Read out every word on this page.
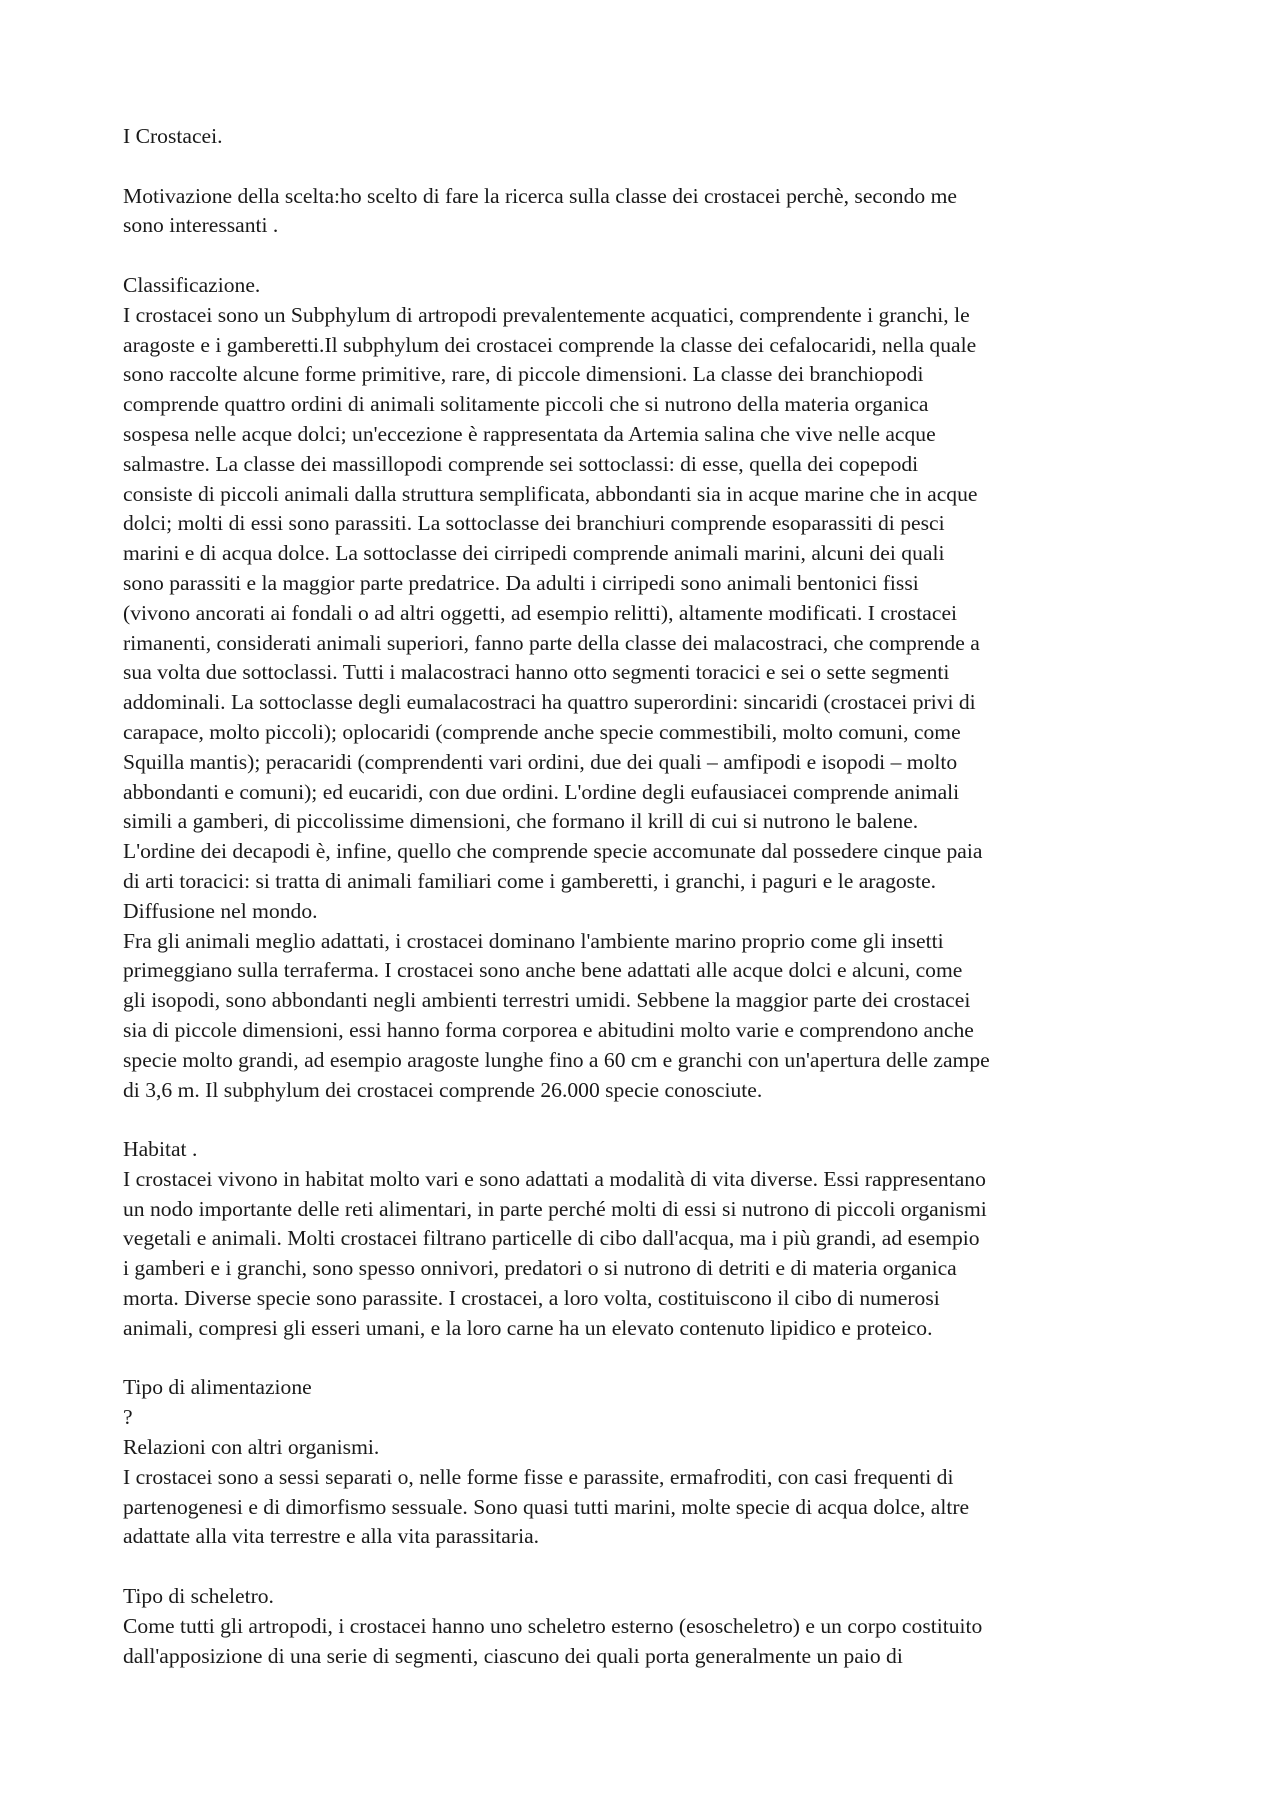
I Crostacei.
Motivazione della scelta:ho scelto di fare la ricerca sulla classe dei crostacei perchè, secondo me
sono interessanti .
Classificazione.
I crostacei sono un Subphylum di artropodi prevalentemente acquatici, comprendente i granchi, le
aragoste e i gamberetti.Il subphylum dei crostacei comprende la classe dei cefalocaridi, nella quale
sono raccolte alcune forme primitive, rare, di piccole dimensioni. La classe dei branchiopodi
comprende quattro ordini di animali solitamente piccoli che si nutrono della materia organica
sospesa nelle acque dolci; un'eccezione è rappresentata da Artemia salina che vive nelle acque
salmastre. La classe dei massillopodi comprende sei sottoclassi: di esse, quella dei copepodi
consiste di piccoli animali dalla struttura semplificata, abbondanti sia in acque marine che in acque
dolci; molti di essi sono parassiti. La sottoclasse dei branchiuri comprende esoparassiti di pesci
marini e di acqua dolce. La sottoclasse dei cirripedi comprende animali marini, alcuni dei quali
sono parassiti e la maggior parte predatrice. Da adulti i cirripedi sono animali bentonici fissi
(vivono ancorati ai fondali o ad altri oggetti, ad esempio relitti), altamente modificati. I crostacei
rimanenti, considerati animali superiori, fanno parte della classe dei malacostraci, che comprende a
sua volta due sottoclassi. Tutti i malacostraci hanno otto segmenti toracici e sei o sette segmenti
addominali. La sottoclasse degli eumalacostraci ha quattro superordini: sincaridi (crostacei privi di
carapace, molto piccoli); oplocaridi (comprende anche specie commestibili, molto comuni, come
Squilla mantis); peracaridi (comprendenti vari ordini, due dei quali – amfipodi e isopodi – molto
abbondanti e comuni); ed eucaridi, con due ordini. L'ordine degli eufausiacei comprende animali
simili a gamberi, di piccolissime dimensioni, che formano il krill di cui si nutrono le balene.
L'ordine dei decapodi è, infine, quello che comprende specie accomunate dal possedere cinque paia
di arti toracici: si tratta di animali familiari come i gamberetti, i granchi, i paguri e le aragoste.
Diffusione nel mondo.
Fra gli animali meglio adattati, i crostacei dominano l'ambiente marino proprio come gli insetti
primeggiano sulla terraferma. I crostacei sono anche bene adattati alle acque dolci e alcuni, come
gli isopodi, sono abbondanti negli ambienti terrestri umidi. Sebbene la maggior parte dei crostacei
sia di piccole dimensioni, essi hanno forma corporea e abitudini molto varie e comprendono anche
specie molto grandi, ad esempio aragoste lunghe fino a 60 cm e granchi con un'apertura delle zampe
di 3,6 m. Il subphylum dei crostacei comprende 26.000 specie conosciute.
Habitat .
I crostacei vivono in habitat molto vari e sono adattati a modalità di vita diverse. Essi rappresentano
un nodo importante delle reti alimentari, in parte perché molti di essi si nutrono di piccoli organismi
vegetali e animali. Molti crostacei filtrano particelle di cibo dall'acqua, ma i più grandi, ad esempio
i gamberi e i granchi, sono spesso onnivori, predatori o si nutrono di detriti e di materia organica
morta. Diverse specie sono parassite. I crostacei, a loro volta, costituiscono il cibo di numerosi
animali, compresi gli esseri umani, e la loro carne ha un elevato contenuto lipidico e proteico.
Tipo di alimentazione
?
Relazioni con altri organismi.
I crostacei sono a sessi separati o, nelle forme fisse e parassite, ermafroditi, con casi frequenti di
partenogenesi e di dimorfismo sessuale. Sono quasi tutti marini, molte specie di acqua dolce, altre
adattate alla vita terrestre e alla vita parassitaria.
Tipo di scheletro.
Come tutti gli artropodi, i crostacei hanno uno scheletro esterno (esoscheletro) e un corpo costituito
dall'apposizione di una serie di segmenti, ciascuno dei quali porta generalmente un paio di
